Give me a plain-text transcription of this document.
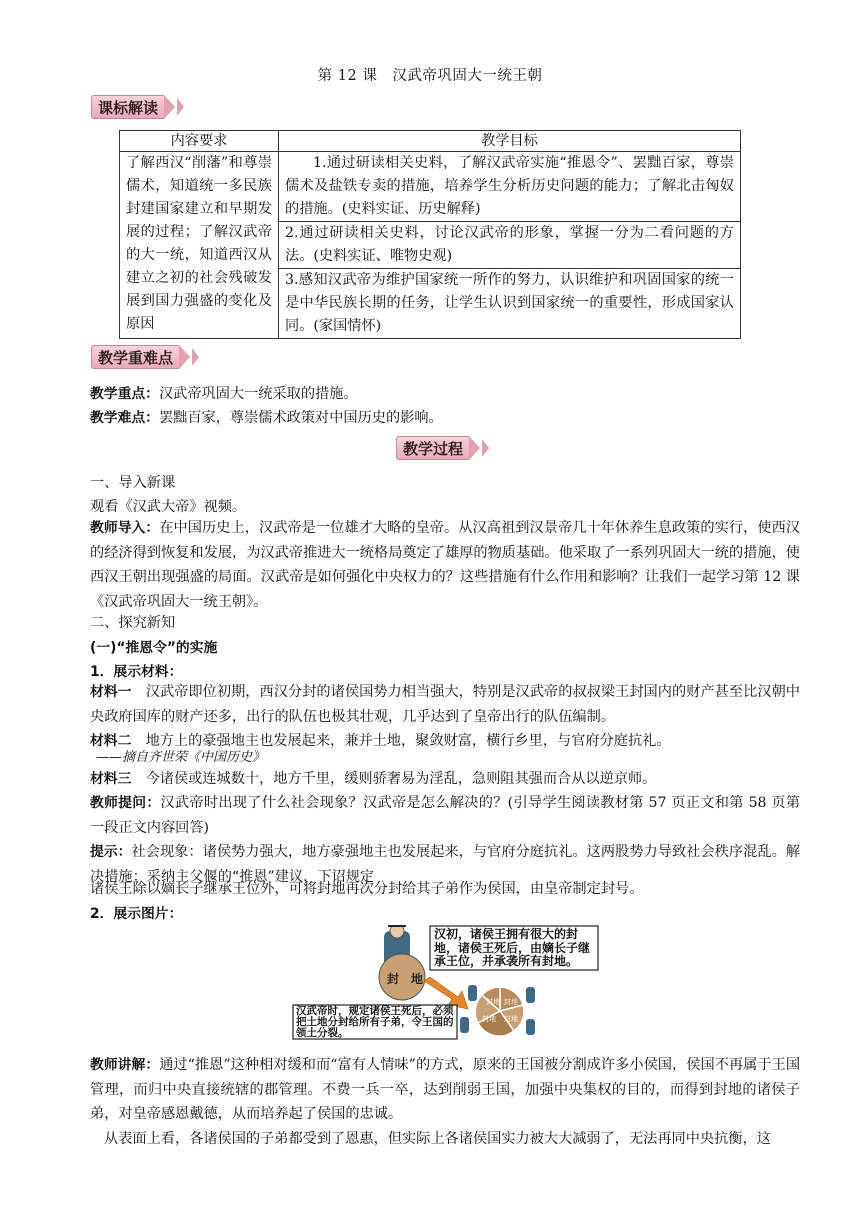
第 12 课　汉武帝巩固大一统王朝
课标解读
内容要求	教学目标
了解西汉“削藩”和尊崇儒术，知道统一多民族封建国家建立和早期发展的过程；了解汉武帝的大一统，知道西汉从建立之初的社会残破发展到国力强盛的变化及原因	1.通过研读相关史料，了解汉武帝实施“推恩令”、罢黜百家，尊崇儒术及盐铁专卖的措施，培养学生分析历史问题的能力；了解北击匈奴的措施。(史料实证、历史解释)
	2.通过研读相关史料，讨论汉武帝的形象，掌握一分为二看问题的方法。(史料实证、唯物史观)
	3.感知汉武帝为维护国家统一所作的努力，认识维护和巩固国家的统一是中华民族长期的任务，让学生认识到国家统一的重要性，形成国家认同。(家国情怀)
教学重难点
教学重点：汉武帝巩固大一统采取的措施。
教学难点：罢黜百家，尊崇儒术政策对中国历史的影响。
教学过程
一、导入新课
观看《汉武大帝》视频。
教师导入：在中国历史上，汉武帝是一位雄才大略的皇帝。从汉高祖到汉景帝几十年休养生息政策的实行，使西汉的经济得到恢复和发展，为汉武帝推进大一统格局奠定了雄厚的物质基础。他采取了一系列巩固大一统的措施，使西汉王朝出现强盛的局面。汉武帝是如何强化中央权力的？这些措施有什么作用和影响？让我们一起学习第 12 课《汉武帝巩固大一统王朝》。
二、探究新知
(一)“推恩令”的实施
1．展示材料：
材料一　 汉武帝即位初期，西汉分封的诸侯国势力相当强大，特别是汉武帝的叔叔梁王封国内的财产甚至比汉朝中央政府国库的财产还多，出行的队伍也极其壮观，几乎达到了皇帝出行的队伍编制。
材料二　 地方上的豪强地主也发展起来，兼并土地，聚敛财富，横行乡里，与官府分庭抗礼。
——摘自齐世荣《中国历史》
材料三　 今诸侯或连城数十，地方千里，缓则骄奢易为淫乱，急则阻其强而合从以逆京师。
教师提问：汉武帝时出现了什么社会现象？汉武帝是怎么解决的？(引导学生阅读教材第 57 页正文和第 58 页第一段正文内容回答)
提示：社会现象：诸侯势力强大，地方豪强地主也发展起来，与官府分庭抗礼。这两股势力导致社会秩序混乱。解决措施：采纳主父偃的“推恩”建议，下诏规定
诸侯王除以嫡长子继承王位外，可将封地再次分封给其子弟作为侯国，由皇帝制定封号。
2．展示图片：
汉初，诸侯王拥有很大的封地，诸侯王死后，由嫡长子继承王位，并承袭所有封地。
汉武帝时，规定诸侯王死后，必须把土地分封给所有子弟，令王国的领土分裂。
封　地
封地 封地
封地 封地
教师讲解：通过“推恩”这种相对缓和而“富有人情味”的方式，原来的王国被分割成许多小侯国，侯国不再属于王国管理，而归中央直接统辖的郡管理。不费一兵一卒，达到削弱王国，加强中央集权的目的，而得到封地的诸侯子弟，对皇帝感恩戴德，从而培养起了侯国的忠诚。
从表面上看，各诸侯国的子弟都受到了恩惠，但实际上各诸侯国实力被大大减弱了，无法再同中央抗衡，这
